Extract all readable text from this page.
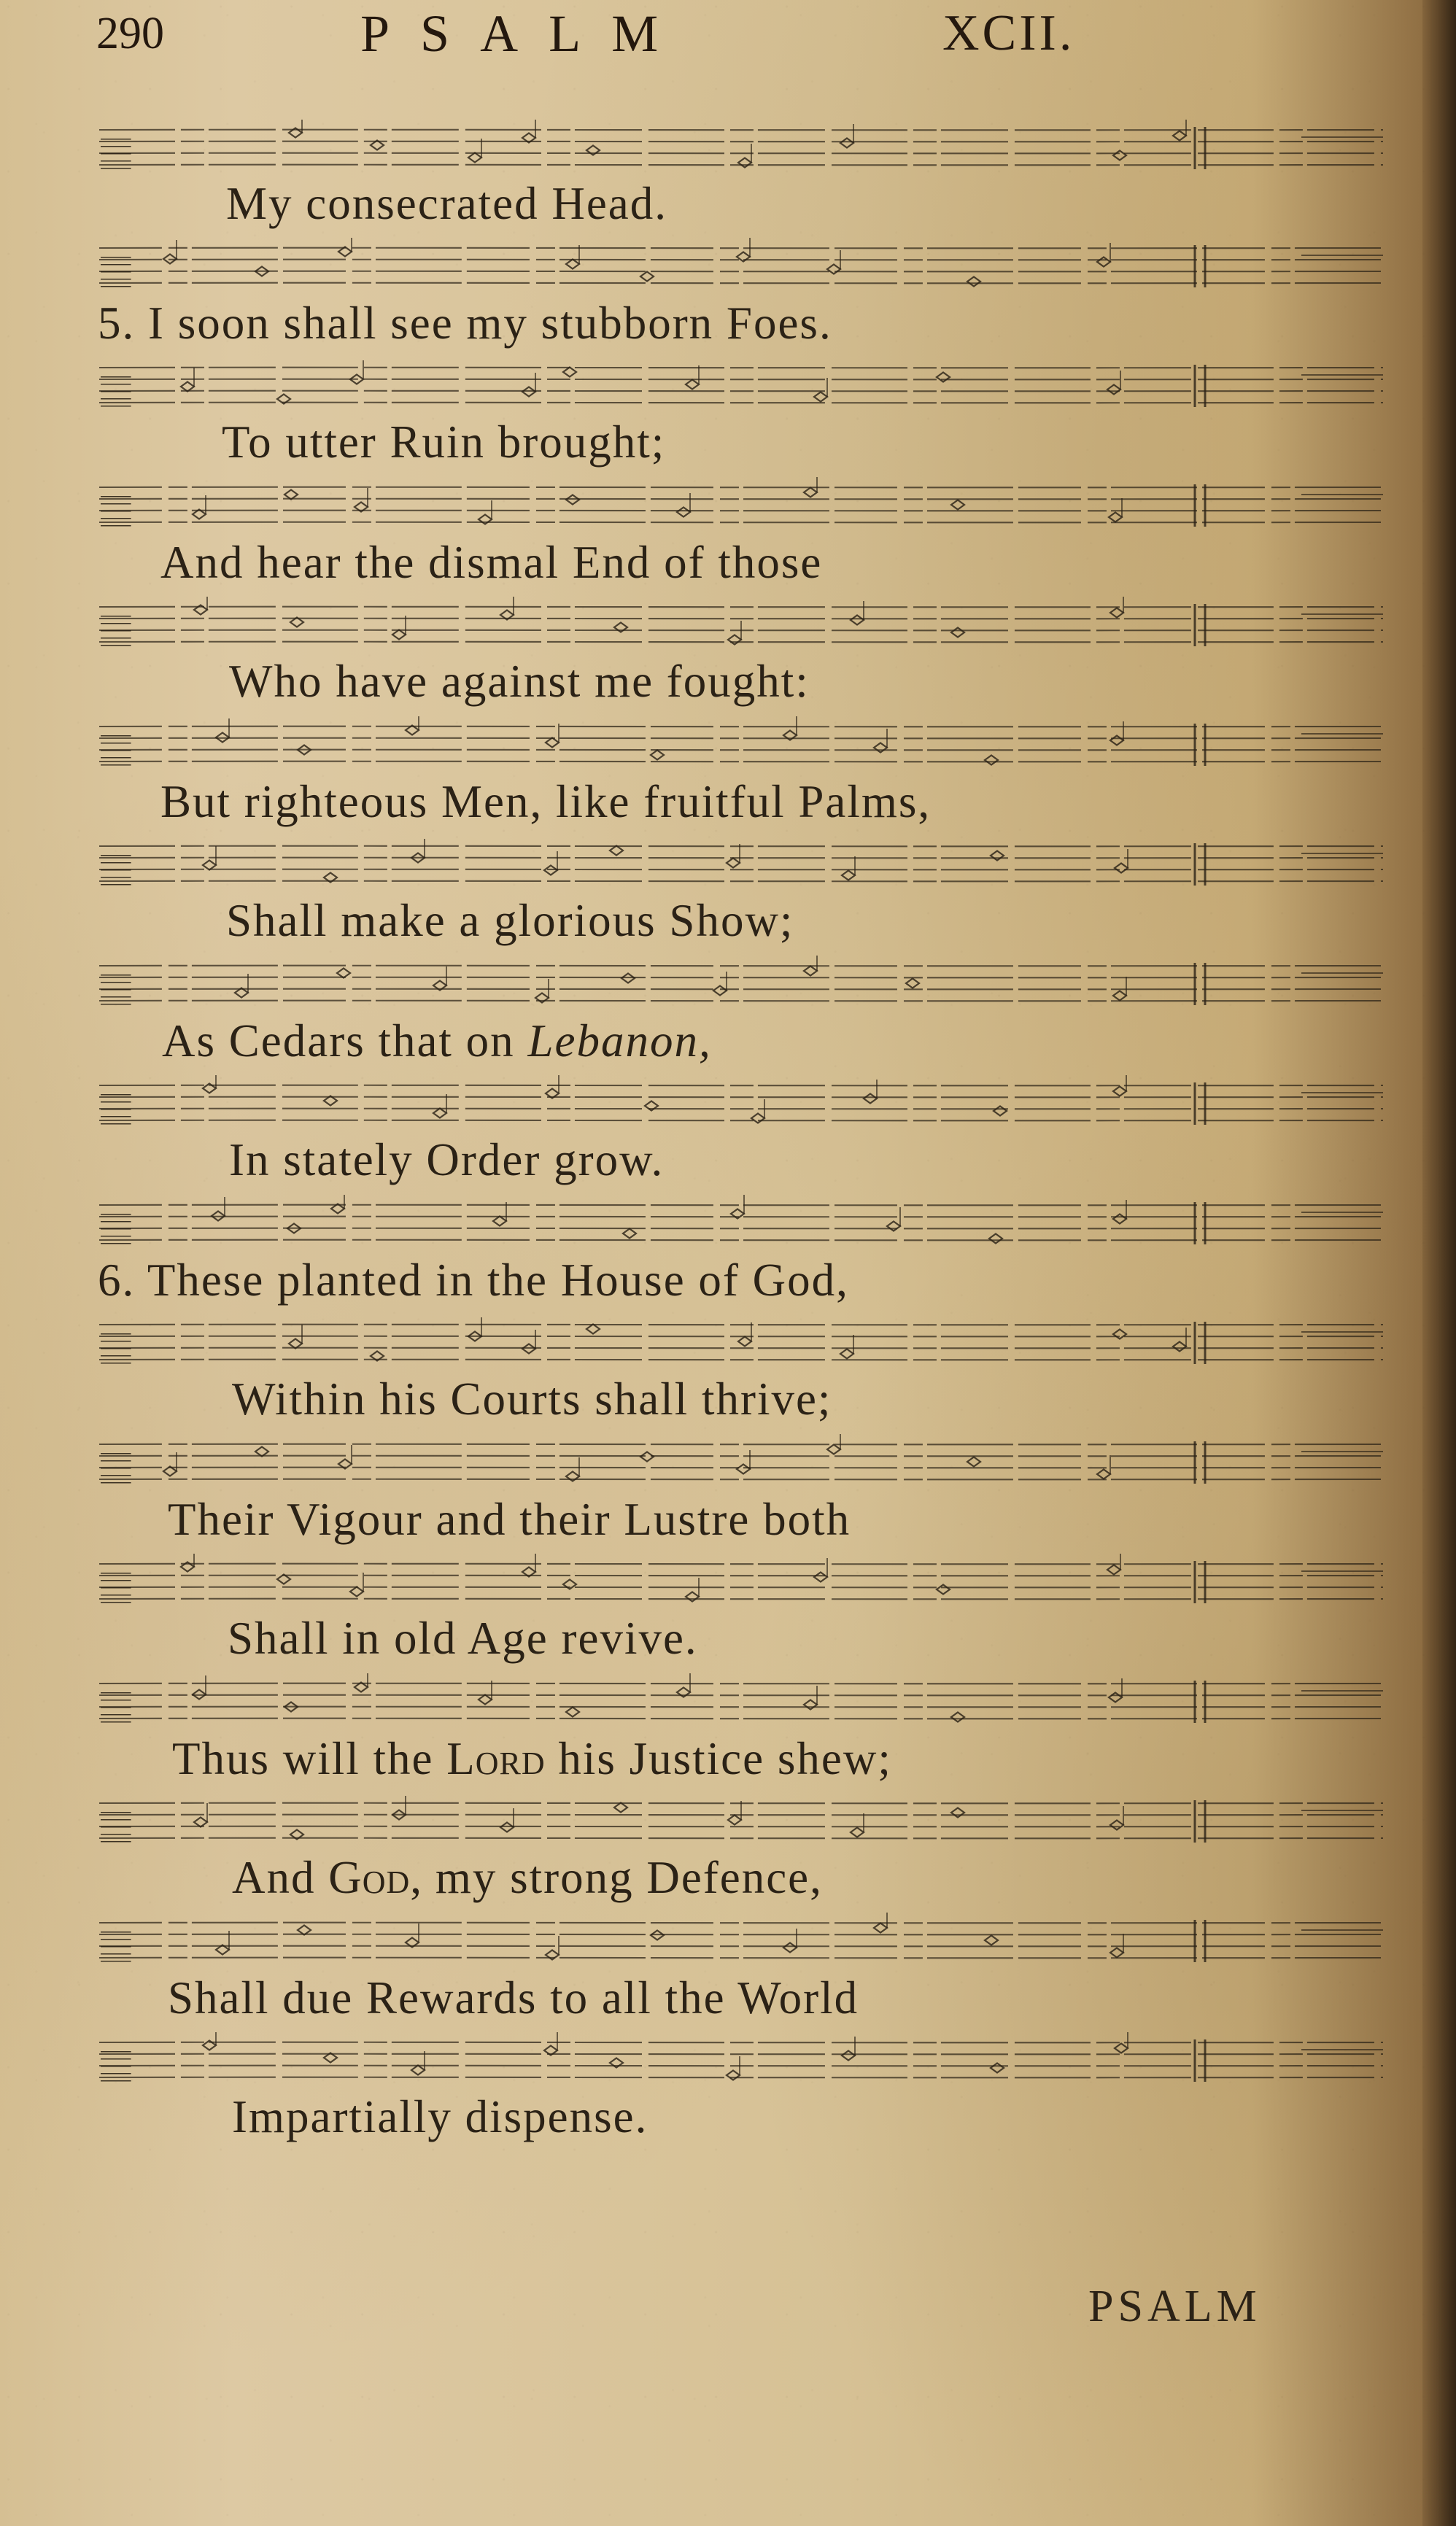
290	PSALM	XCII.
𝄚
My consecrated Head.
𝄚
5. I soon shall see my stubborn Foes.
𝄚
To utter Ruin brought;
𝄚
And hear the dismal End of those
𝄚
Who have against me fought:
𝄚
But righteous Men, like fruitful Palms,
𝄚
Shall make a glorious Show;
𝄚
As Cedars that on Lebanon,
𝄚
In stately Order grow.
𝄚
6. These planted in the House of God,
𝄚
Within his Courts shall thrive;
𝄚
Their Vigour and their Lustre both
𝄚
Shall in old Age revive.
𝄚
Thus will the Lord his Justice shew;
𝄚
And God, my strong Defence,
𝄚
Shall due Rewards to all the World
𝄚
Impartially dispense.
PSALM
